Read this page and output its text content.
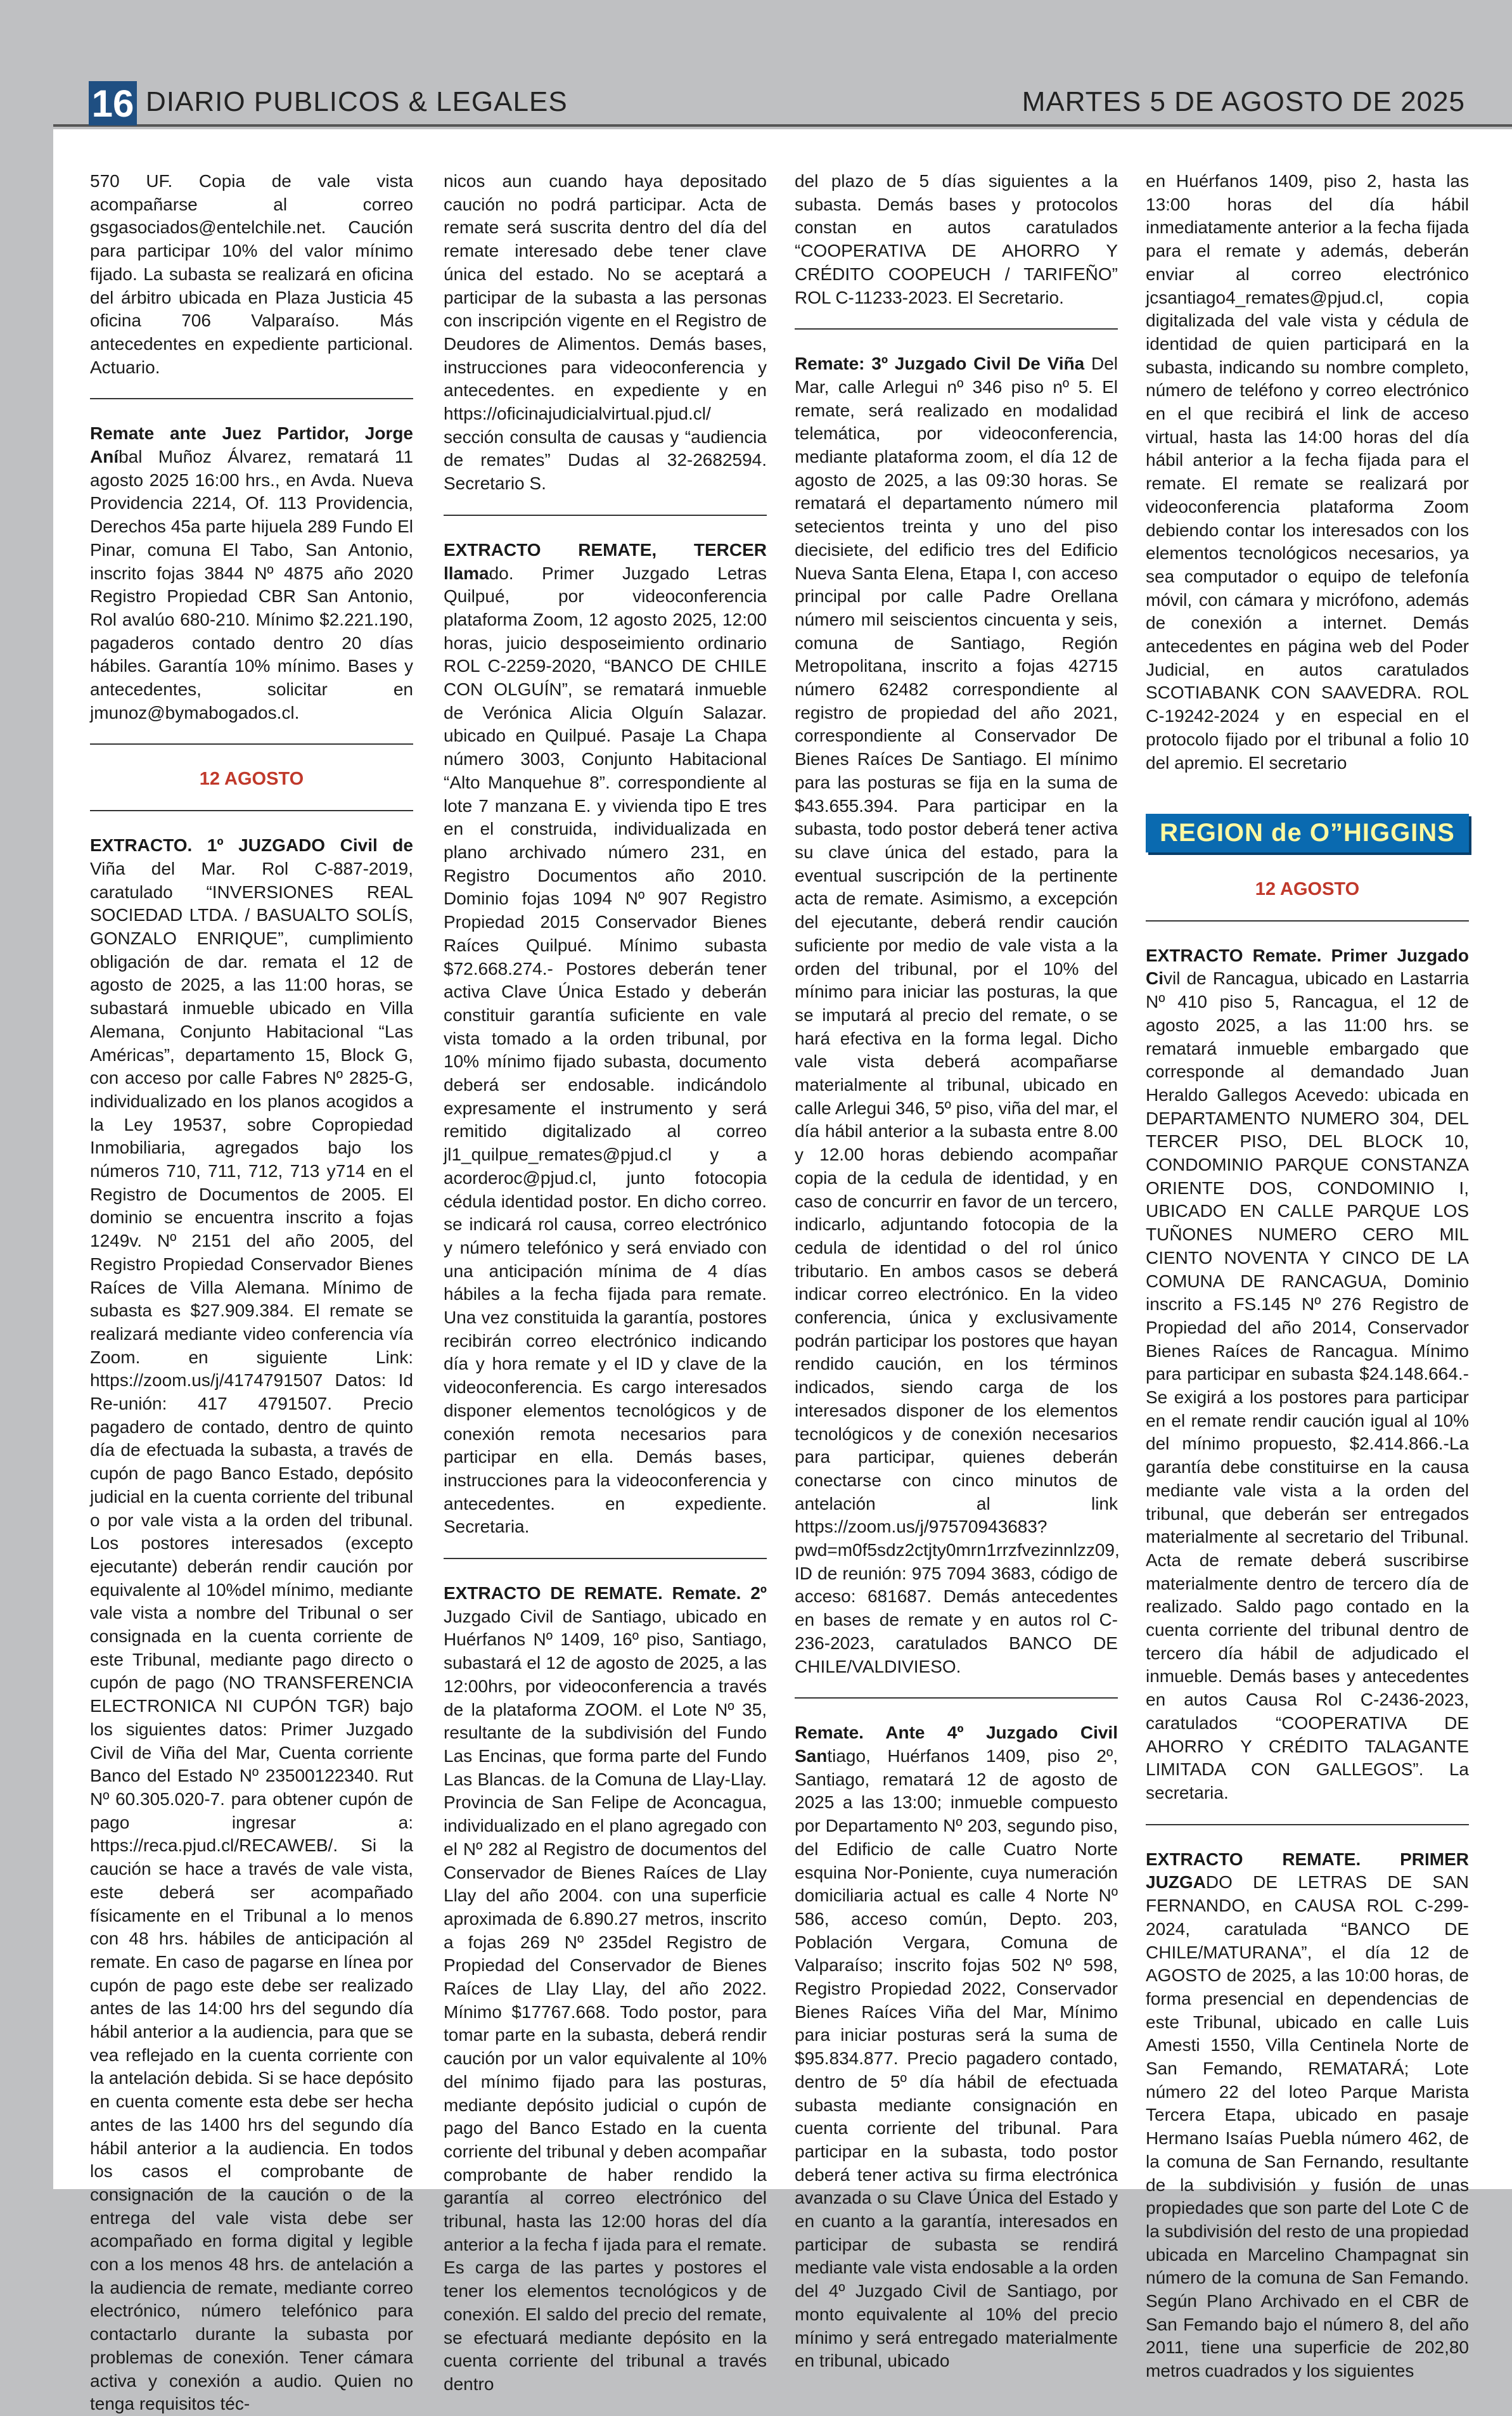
16 DIARIO PUBLICOS & LEGALES	MARTES 5 DE AGOSTO DE 2025

570 UF. Copia de vale vista acompañarse al correo gsgasociados@entelchile.net. Caución para participar 10% del valor mínimo fijado. La subasta se realizará en oficina del árbitro ubicada en Plaza Justicia 45 oficina 706 Valparaíso. Más antecedentes en expediente particional. Actuario.

Remate ante Juez Partidor, Jorge Aníbal Muñoz Álvarez, rematará 11 agosto 2025 16:00 hrs., en Avda. Nueva Providencia 2214, Of. 113 Providencia, Derechos 45a parte hijuela 289 Fundo El Pinar, comuna El Tabo, San Antonio, inscrito fojas 3844 Nº 4875 año 2020 Registro Propiedad CBR San Antonio, Rol avalúo 680-210. Mínimo $2.221.190, pagaderos contado dentro 20 días hábiles. Garantía 10% mínimo. Bases y antecedentes, solicitar en jmunoz@bymabogados.cl.

12 AGOSTO

EXTRACTO. 1º JUZGADO Civil de Viña del Mar. Rol C-887-2019, caratulado “INVERSIONES REAL SOCIEDAD LTDA. / BASUALTO SOLÍS, GONZALO ENRIQUE”, cumplimiento obligación de dar. remata el 12 de agosto de 2025, a las 11:00 horas, se subastará inmueble ubicado en Villa Alemana, Conjunto Habitacional “Las Américas”, departamento 15, Block G, con acceso por calle Fabres Nº 2825-G, individualizado en los planos acogidos a la Ley 19537, sobre Copropiedad Inmobiliaria, agregados bajo los números 710, 711, 712, 713 y714 en el Registro de Documentos de 2005. El dominio se encuentra inscrito a fojas 1249v. Nº 2151 del año 2005, del Registro Propiedad Conservador Bienes Raíces de Villa Alemana. Mínimo de subasta es $27.909.384. El remate se realizará mediante video conferencia vía Zoom. en siguiente Link: https://zoom.us/j/4174791507 Datos: Id Re-unión: 417 4791507. Precio pagadero de contado, dentro de quinto día de efectuada la subasta, a través de cupón de pago Banco Estado, depósito judicial en la cuenta corriente del tribunal o por vale vista a la orden del tribunal. Los postores interesados (excepto ejecutante) deberán rendir caución por equivalente al 10%del mínimo, mediante vale vista a nombre del Tribunal o ser consignada en la cuenta corriente de este Tribunal, mediante pago directo o cupón de pago (NO TRANSFERENCIA ELECTRONICA NI CUPÓN TGR) bajo los siguientes datos: Primer Juzgado Civil de Viña del Mar, Cuenta corriente Banco del Estado Nº 23500122340. Rut Nº 60.305.020-7. para obtener cupón de pago ingresar a: https://reca.pjud.cl/RECAWEB/. Si la caución se hace a través de vale vista, este deberá ser acompañado físicamente en el Tribunal a lo menos con 48 hrs. hábiles de anticipación al remate. En caso de pagarse en línea por cupón de pago este debe ser realizado antes de las 14:00 hrs del segundo día hábil anterior a la audiencia, para que se vea reflejado en la cuenta corriente con la antelación debida. Si se hace depósito en cuenta comente esta debe ser hecha antes de las 1400 hrs del segundo día hábil anterior a la audiencia. En todos los casos el comprobante de consignación de la caución o de la entrega del vale vista debe ser acompañado en forma digital y legible con a los menos 48 hrs. de antelación a la audiencia de remate, mediante correo electrónico, número telefónico para contactarlo durante la subasta por problemas de conexión. Tener cámara activa y conexión a audio. Quien no tenga requisitos téc-

nicos aun cuando haya depositado caución no podrá participar. Acta de remate será suscrita dentro del día del remate interesado debe tener clave única del estado. No se aceptará a participar de la subasta a las personas con inscripción vigente en el Registro de Deudores de Alimentos. Demás bases, instrucciones para videoconferencia y antecedentes. en expediente y en https://oficinajudicialvirtual.pjud.cl/ sección consulta de causas y “audiencia de remates” Dudas al 32-2682594. Secretario S.

EXTRACTO REMATE, TERCER llamado. Primer Juzgado Letras Quilpué, por videoconferencia plataforma Zoom, 12 agosto 2025, 12:00 horas, juicio desposeimiento ordinario ROL C-2259-2020, “BANCO DE CHILE CON OLGUÍN”, se rematará inmueble de Verónica Alicia Olguín Salazar. ubicado en Quilpué. Pasaje La Chapa número 3003, Conjunto Habitacional “Alto Manquehue 8”. correspondiente al lote 7 manzana E. y vivienda tipo E tres en el construida, individualizada en plano archivado número 231, en Registro Documentos año 2010. Dominio fojas 1094 Nº 907 Registro Propiedad 2015 Conservador Bienes Raíces Quilpué. Mínimo subasta $72.668.274.- Postores deberán tener activa Clave Única Estado y deberán constituir garantía suficiente en vale vista tomado a la orden tribunal, por 10% mínimo fijado subasta, documento deberá ser endosable. indicándolo expresamente el instrumento y será remitido digitalizado al correo jl1_quilpue_remates@pjud.cl y a acorderoc@pjud.cl, junto fotocopia cédula identidad postor. En dicho correo. se indicará rol causa, correo electrónico y número telefónico y será enviado con una anticipación mínima de 4 días hábiles a la fecha fijada para remate. Una vez constituida la garantía, postores recibirán correo electrónico indicando día y hora remate y el ID y clave de la videoconferencia. Es cargo interesados disponer elementos tecnológicos y de conexión remota necesarios para participar en ella. Demás bases, instrucciones para la videoconferencia y antecedentes. en expediente. Secretaria.

EXTRACTO DE REMATE. Remate. 2º Juzgado Civil de Santiago, ubicado en Huérfanos Nº 1409, 16º piso, Santiago, subastará el 12 de agosto de 2025, a las 12:00hrs, por videoconferencia a través de la plataforma ZOOM. el Lote Nº 35, resultante de la subdivisión del Fundo Las Encinas, que forma parte del Fundo Las Blancas. de la Comuna de Llay-Llay. Provincia de San Felipe de Aconcagua, individualizado en el plano agregado con el Nº 282 al Registro de documentos del Conservador de Bienes Raíces de Llay Llay del año 2004. con una superficie aproximada de 6.890.27 metros, inscrito a fojas 269 Nº 235del Registro de Propiedad del Conservador de Bienes Raíces de Llay Llay, del año 2022. Mínimo $17767.668. Todo postor, para tomar parte en la subasta, deberá rendir caución por un valor equivalente al 10% del mínimo fijado para las posturas, mediante depósito judicial o cupón de pago del Banco Estado en la cuenta corriente del tribunal y deben acompañar comprobante de haber rendido la garantía al correo electrónico del tribunal, hasta las 12:00 horas del día anterior a la fecha f ijada para el remate. Es carga de las partes y postores el tener los elementos tecnológicos y de conexión. El saldo del precio del remate, se efectuará mediante depósito en la cuenta corriente del tribunal a través dentro

del plazo de 5 días siguientes a la subasta. Demás bases y protocolos constan en autos caratulados “COOPERATIVA DE AHORRO Y CRÉDITO COOPEUCH / TARIFEÑO” ROL C-11233-2023. El Secretario.

Remate: 3º Juzgado Civil De Viña Del Mar, calle Arlegui nº 346 piso nº 5. El remate, será realizado en modalidad telemática, por videoconferencia, mediante plataforma zoom, el día 12 de agosto de 2025, a las 09:30 horas. Se rematará el departamento número mil setecientos treinta y uno del piso diecisiete, del edificio tres del Edificio Nueva Santa Elena, Etapa I, con acceso principal por calle Padre Orellana número mil seiscientos cincuenta y seis, comuna de Santiago, Región Metropolitana, inscrito a fojas 42715 número 62482 correspondiente al registro de propiedad del año 2021, correspondiente al Conservador De Bienes Raíces De Santiago. El mínimo para las posturas se fija en la suma de $43.655.394. Para participar en la subasta, todo postor deberá tener activa su clave única del estado, para la eventual suscripción de la pertinente acta de remate. Asimismo, a excepción del ejecutante, deberá rendir caución suficiente por medio de vale vista a la orden del tribunal, por el 10% del mínimo para iniciar las posturas, la que se imputará al precio del remate, o se hará efectiva en la forma legal. Dicho vale vista deberá acompañarse materialmente al tribunal, ubicado en calle Arlegui 346, 5º piso, viña del mar, el día hábil anterior a la subasta entre 8.00 y 12.00 horas debiendo acompañar copia de la cedula de identidad, y en caso de concurrir en favor de un tercero, indicarlo, adjuntando fotocopia de la cedula de identidad o del rol único tributario. En ambos casos se deberá indicar correo electrónico. En la video conferencia, única y exclusivamente podrán participar los postores que hayan rendido caución, en los términos indicados, siendo carga de los interesados disponer de los elementos tecnológicos y de conexión necesarios para participar, quienes deberán conectarse con cinco minutos de antelación al link https://zoom.us/j/97570943683?pwd=m0f5sdz2ctjty0mrn1rrzfvezinnlzz09, ID de reunión: 975 7094 3683, código de acceso: 681687. Demás antecedentes en bases de remate y en autos rol C-236-2023, caratulados BANCO DE CHILE/VALDIVIESO.

Remate. Ante 4º Juzgado Civil Santiago, Huérfanos 1409, piso 2º, Santiago, rematará 12 de agosto de 2025 a las 13:00; inmueble compuesto por Departamento Nº 203, segundo piso, del Edificio de calle Cuatro Norte esquina Nor-Poniente, cuya numeración domiciliaria actual es calle 4 Norte Nº 586, acceso común, Depto. 203, Población Vergara, Comuna de Valparaíso; inscrito fojas 502 Nº 598, Registro Propiedad 2022, Conservador Bienes Raíces Viña del Mar, Mínimo para iniciar posturas será la suma de $95.834.877. Precio pagadero contado, dentro de 5º día hábil de efectuada subasta mediante consignación en cuenta corriente del tribunal. Para participar en la subasta, todo postor deberá tener activa su firma electrónica avanzada o su Clave Única del Estado y en cuanto a la garantía, interesados en participar de subasta se rendirá mediante vale vista endosable a la orden del 4º Juzgado Civil de Santiago, por monto equivalente al 10% del precio mínimo y será entregado materialmente en tribunal, ubicado

en Huérfanos 1409, piso 2, hasta las 13:00 horas del día hábil inmediatamente anterior a la fecha fijada para el remate y además, deberán enviar al correo electrónico jcsantiago4_remates@pjud.cl, copia digitalizada del vale vista y cédula de identidad de quien participará en la subasta, indicando su nombre completo, número de teléfono y correo electrónico en el que recibirá el link de acceso virtual, hasta las 14:00 horas del día hábil anterior a la fecha fijada para el remate. El remate se realizará por videoconferencia plataforma Zoom debiendo contar los interesados con los elementos tecnológicos necesarios, ya sea computador o equipo de telefonía móvil, con cámara y micrófono, además de conexión a internet. Demás antecedentes en página web del Poder Judicial, en autos caratulados SCOTIABANK CON SAAVEDRA. ROL C-19242-2024 y en especial en el protocolo fijado por el tribunal a folio 10 del apremio. El secretario

REGION de O”HIGGINS
12 AGOSTO

EXTRACTO Remate. Primer Juzgado Civil de Rancagua, ubicado en Lastarria Nº 410 piso 5, Rancagua, el 12 de agosto 2025, a las 11:00 hrs. se rematará inmueble embargado que corresponde al demandado Juan Heraldo Gallegos Acevedo: ubicada en DEPARTAMENTO NUMERO 304, DEL TERCER PISO, DEL BLOCK 10, CONDOMINIO PARQUE CONSTANZA ORIENTE DOS, CONDOMINIO I, UBICADO EN CALLE PARQUE LOS TUÑONES NUMERO CERO MIL CIENTO NOVENTA Y CINCO DE LA COMUNA DE RANCAGUA, Dominio inscrito a FS.145 Nº 276 Registro de Propiedad del año 2014, Conservador Bienes Raíces de Rancagua. Mínimo para participar en subasta $24.148.664.- Se exigirá a los postores para participar en el remate rendir caución igual al 10% del mínimo propuesto, $2.414.866.-La garantía debe constituirse en la causa mediante vale vista a la orden del tribunal, que deberán ser entregados materialmente al secretario del Tribunal. Acta de remate deberá suscribirse materialmente dentro de tercero día de realizado. Saldo pago contado en la cuenta corriente del tribunal dentro de tercero día hábil de adjudicado el inmueble. Demás bases y antecedentes en autos Causa Rol C-2436-2023, caratulados “COOPERATIVA DE AHORRO Y CRÉDITO TALAGANTE LIMITADA CON GALLEGOS”. La secretaria.

EXTRACTO REMATE. PRIMER JUZGADO DE LETRAS DE SAN FERNANDO, en CAUSA ROL C-299-2024, caratulada “BANCO DE CHILE/MATURANA”, el día 12 de AGOSTO de 2025, a las 10:00 horas, de forma presencial en dependencias de este Tribunal, ubicado en calle Luis Amesti 1550, Villa Centinela Norte de San Femando, REMATARÁ; Lote número 22 del loteo Parque Marista Tercera Etapa, ubicado en pasaje Hermano Isaías Puebla número 462, de la comuna de San Fernando, resultante de la subdivisión y fusión de unas propiedades que son parte del Lote C de la subdivisión del resto de una propiedad ubicada en Marcelino Champagnat sin número de la comuna de San Femando. Según Plano Archivado en el CBR de San Femando bajo el número 8, del año 2011, tiene una superficie de 202,80 metros cuadrados y los siguientes
